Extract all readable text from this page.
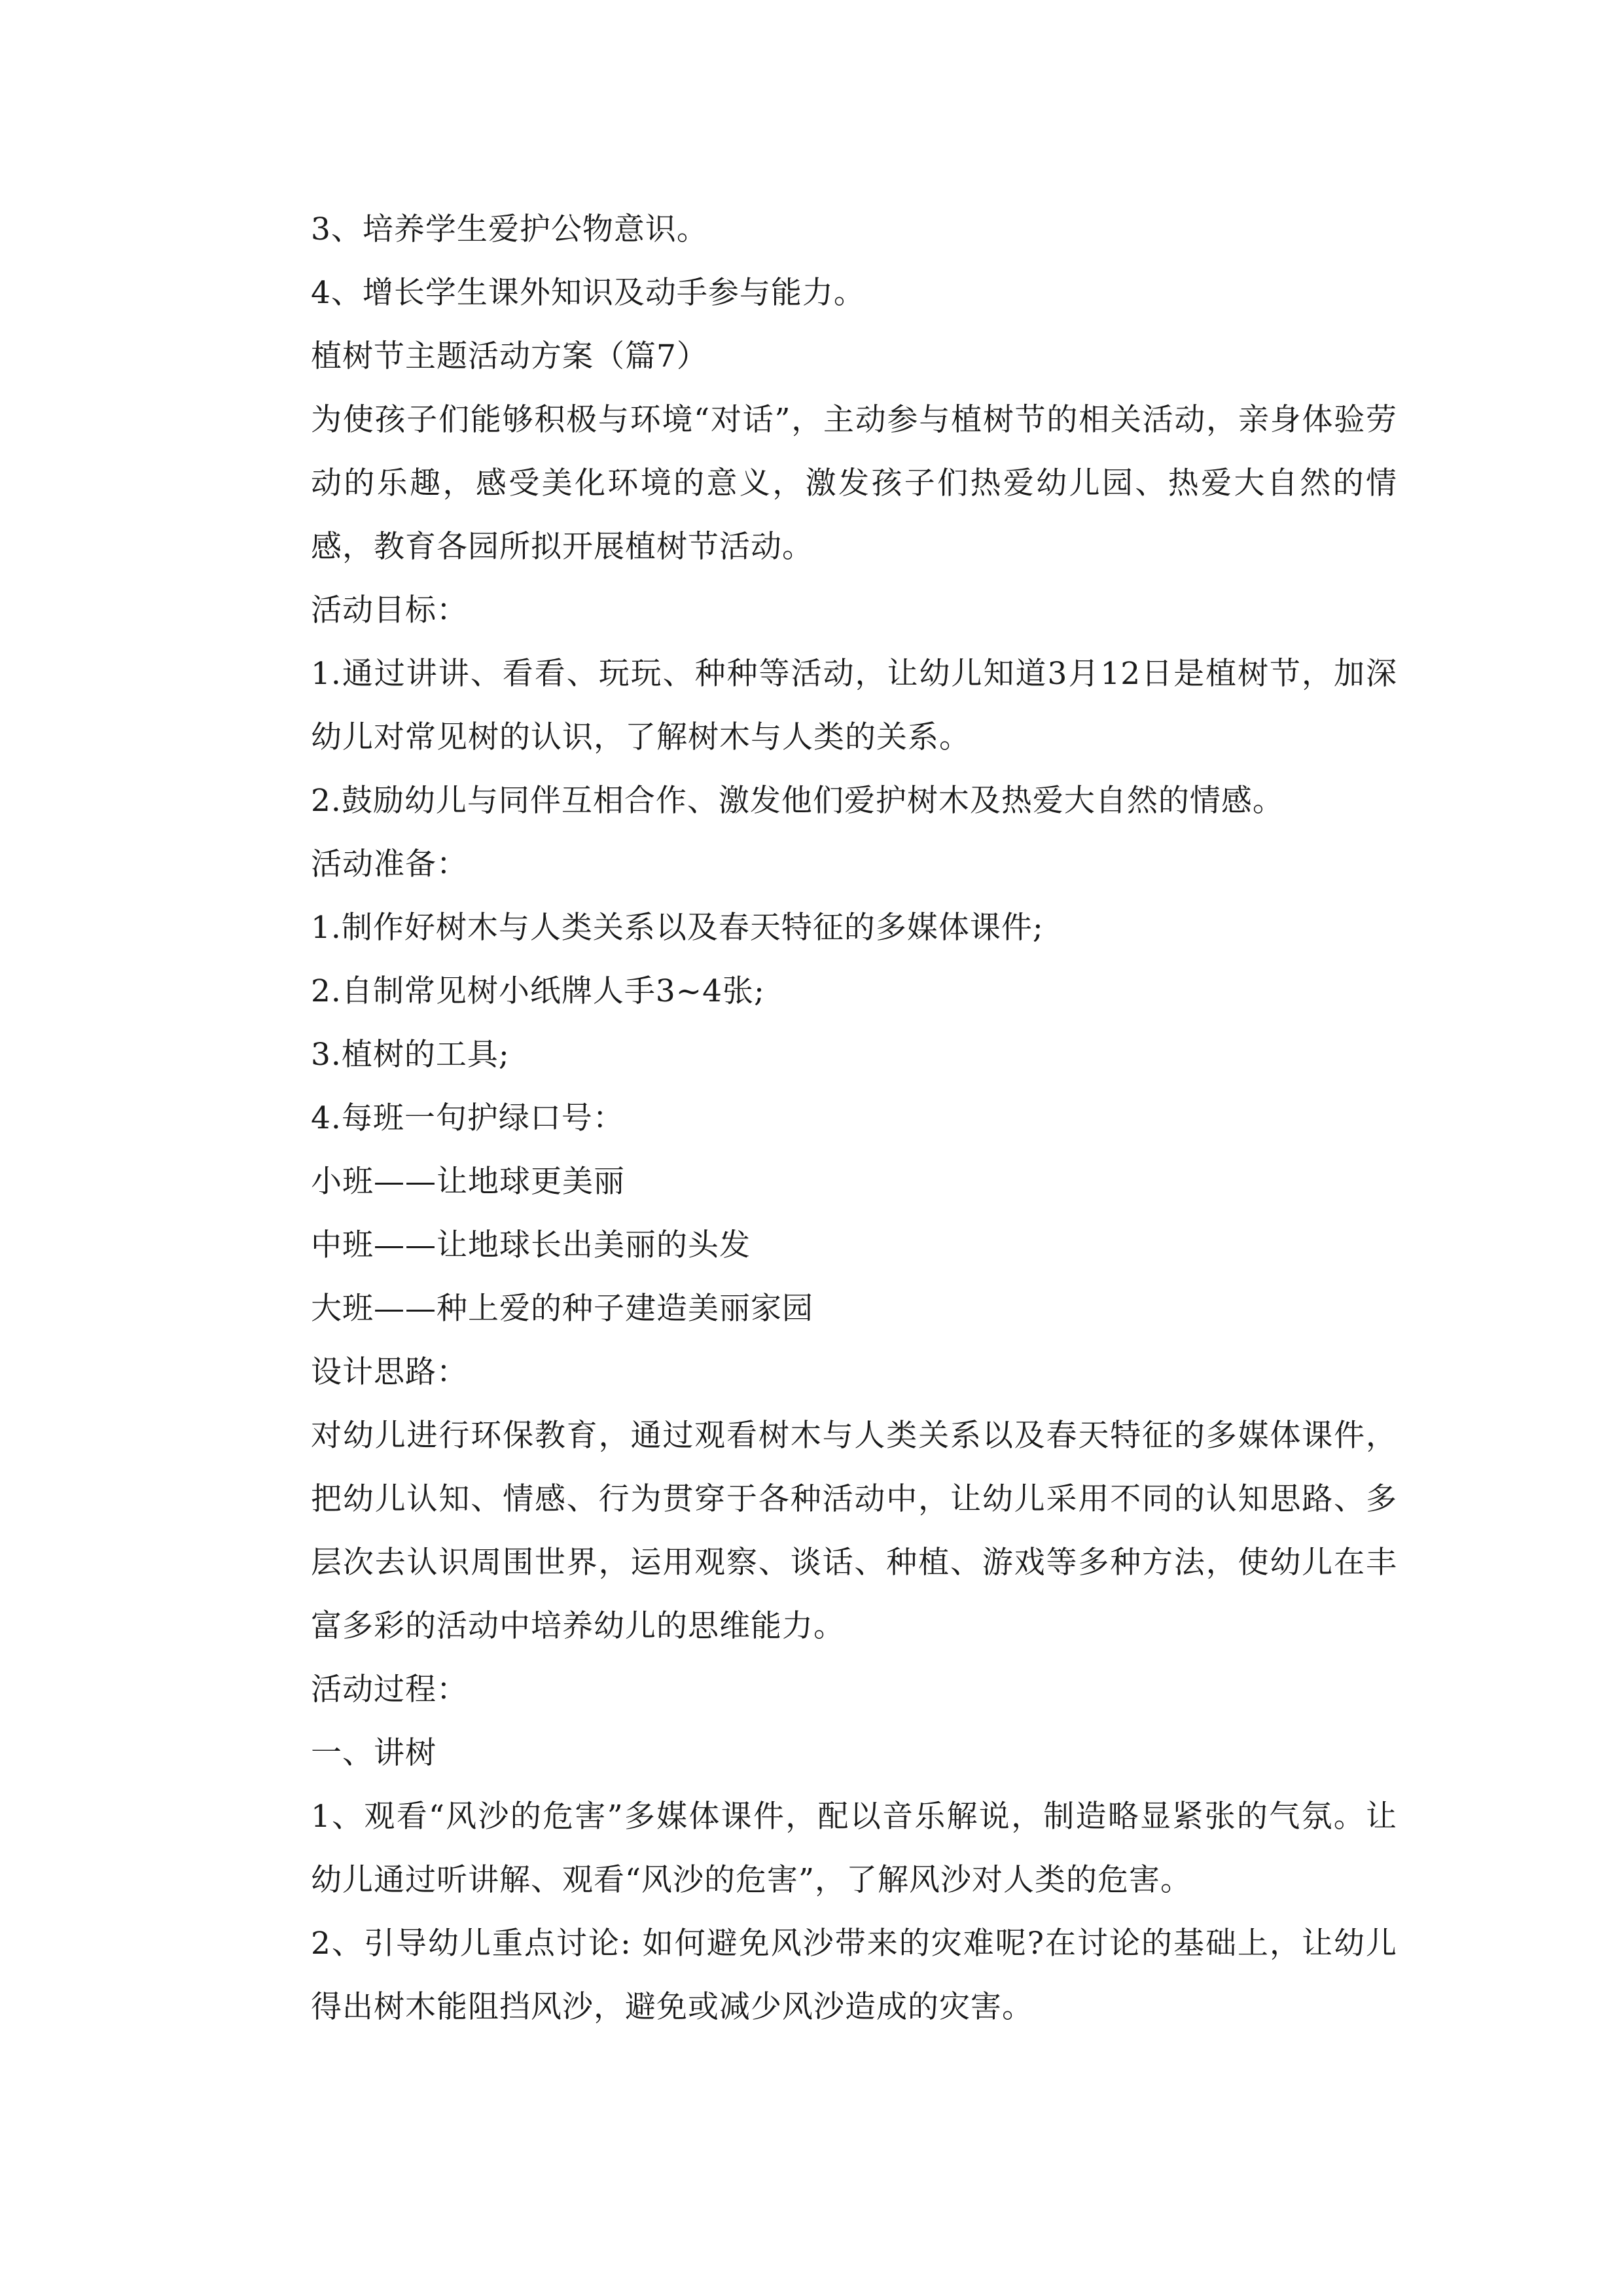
3、培养学生爱护公物意识。

4、增长学生课外知识及动手参与能力。

植树节主题活动方案（篇7）

为使孩子们能够积极与环境“对话”，主动参与植树节的相关活动，亲身体验劳动的乐趣，感受美化环境的意义，激发孩子们热爱幼儿园、热爱大自然的情感，教育各园所拟开展植树节活动。

活动目标：

1.通过讲讲、看看、玩玩、种种等活动，让幼儿知道3月12日是植树节，加深幼儿对常见树的认识，了解树木与人类的关系。

2.鼓励幼儿与同伴互相合作、激发他们爱护树木及热爱大自然的情感。

活动准备：

1.制作好树木与人类关系以及春天特征的多媒体课件;

2.自制常见树小纸牌人手3~4张;

3.植树的工具;

4.每班一句护绿口号：

小班——让地球更美丽

中班——让地球长出美丽的头发

大班——种上爱的种子建造美丽家园

设计思路：

对幼儿进行环保教育，通过观看树木与人类关系以及春天特征的多媒体课件，把幼儿认知、情感、行为贯穿于各种活动中，让幼儿采用不同的认知思路、多层次去认识周围世界，运用观察、谈话、种植、游戏等多种方法，使幼儿在丰富多彩的活动中培养幼儿的思维能力。

活动过程：

一、讲树

1、观看“风沙的危害”多媒体课件，配以音乐解说，制造略显紧张的气氛。让幼儿通过听讲解、观看“风沙的危害”，了解风沙对人类的危害。

2、引导幼儿重点讨论: 如何避免风沙带来的灾难呢?在讨论的基础上，让幼儿得出树木能阻挡风沙，避免或减少风沙造成的灾害。
